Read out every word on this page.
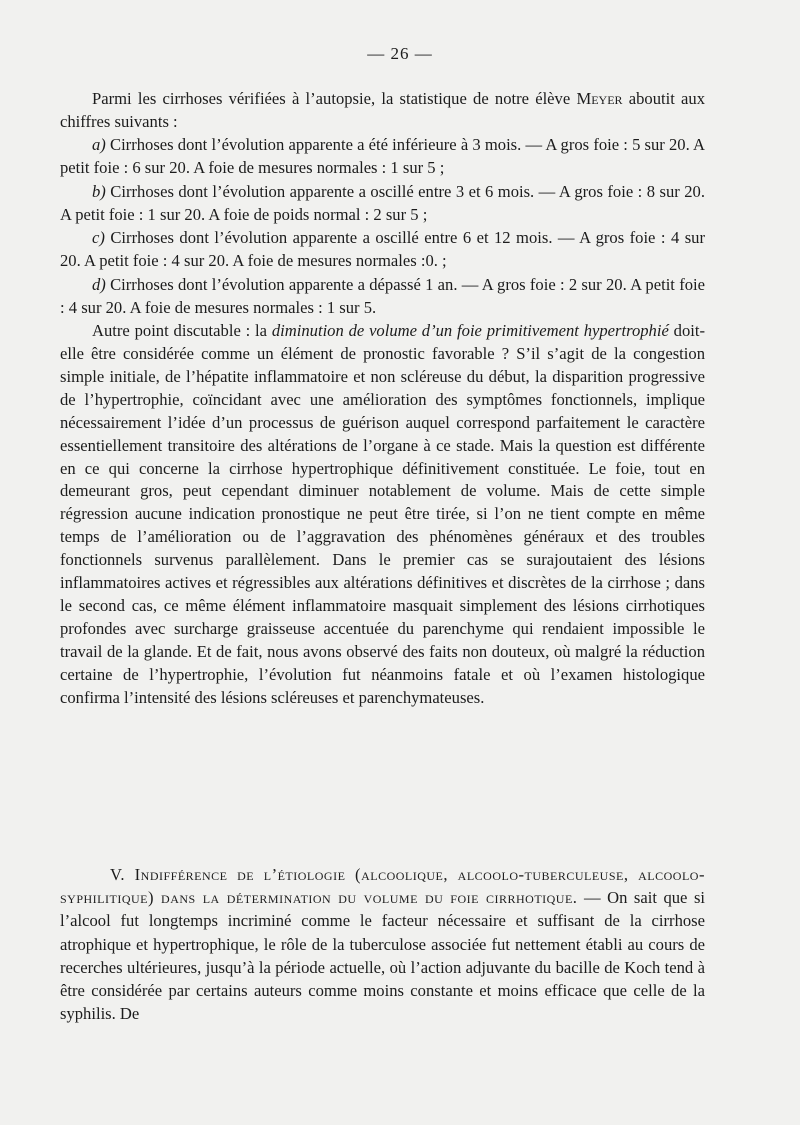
— 26 —

Parmi les cirrhoses vérifiées à l’autopsie, la statistique de notre élève Meyer aboutit aux chiffres suivants :

a) Cirrhoses dont l’évolution apparente a été inférieure à 3 mois. — A gros foie : 5 sur 20. A petit foie : 6 sur 20. A foie de mesures normales : 1 sur 5 ;

b) Cirrhoses dont l’évolution apparente a oscillé entre 3 et 6 mois. — A gros foie : 8 sur 20. A petit foie : 1 sur 20. A foie de poids normal : 2 sur 5 ;

c) Cirrhoses dont l’évolution apparente a oscillé entre 6 et 12 mois. — A gros foie : 4 sur 20. A petit foie : 4 sur 20. A foie de mesures normales :0. ;

d) Cirrhoses dont l’évolution apparente a dépassé 1 an. — A gros foie : 2 sur 20. A petit foie : 4 sur 20. A foie de mesures normales : 1 sur 5.

Autre point discutable : la diminution de volume d’un foie primitivement hypertrophié doit-elle être considérée comme un élément de pronostic favorable ? S’il s’agit de la congestion simple initiale, de l’hépatite inflammatoire et non scléreuse du début, la disparition progressive de l’hypertrophie, coïncidant avec une amélioration des symptômes fonctionnels, implique nécessairement l’idée d’un processus de guérison auquel correspond parfaitement le caractère essentiellement transitoire des altérations de l’organe à ce stade. Mais la question est différente en ce qui concerne la cirrhose hypertrophique définitivement constituée. Le foie, tout en demeurant gros, peut cependant diminuer notablement de volume. Mais de cette simple régression aucune indication pronostique ne peut être tirée, si l’on ne tient compte en même temps de l’amélioration ou de l’aggravation des phénomènes généraux et des troubles fonctionnels survenus parallèlement. Dans le premier cas se surajoutaient des lésions inflammatoires actives et régressibles aux altérations définitives et discrètes de la cirrhose ; dans le second cas, ce même élément inflammatoire masquait simplement des lésions cirrhotiques profondes avec surcharge graisseuse accentuée du parenchyme qui rendaient impossible le travail de la glande. Et de fait, nous avons observé des faits non douteux, où malgré la réduction certaine de l’hypertrophie, l’évolution fut néanmoins fatale et où l’examen histologique confirma l’intensité des lésions scléreuses et parenchymateuses.

V. Indifférence de l’étiologie (alcoolique, alcoolo-tuberculeuse, alcoolo-syphilitique) dans la détermination du volume du foie cirrhotique. — On sait que si l’alcool fut longtemps incriminé comme le facteur nécessaire et suffisant de la cirrhose atrophique et hypertrophique, le rôle de la tuberculose associée fut nettement établi au cours de recerches ultérieures, jusqu’à la période actuelle, où l’action adjuvante du bacille de Koch tend à être considérée par certains auteurs comme moins constante et moins efficace que celle de la syphilis. De
